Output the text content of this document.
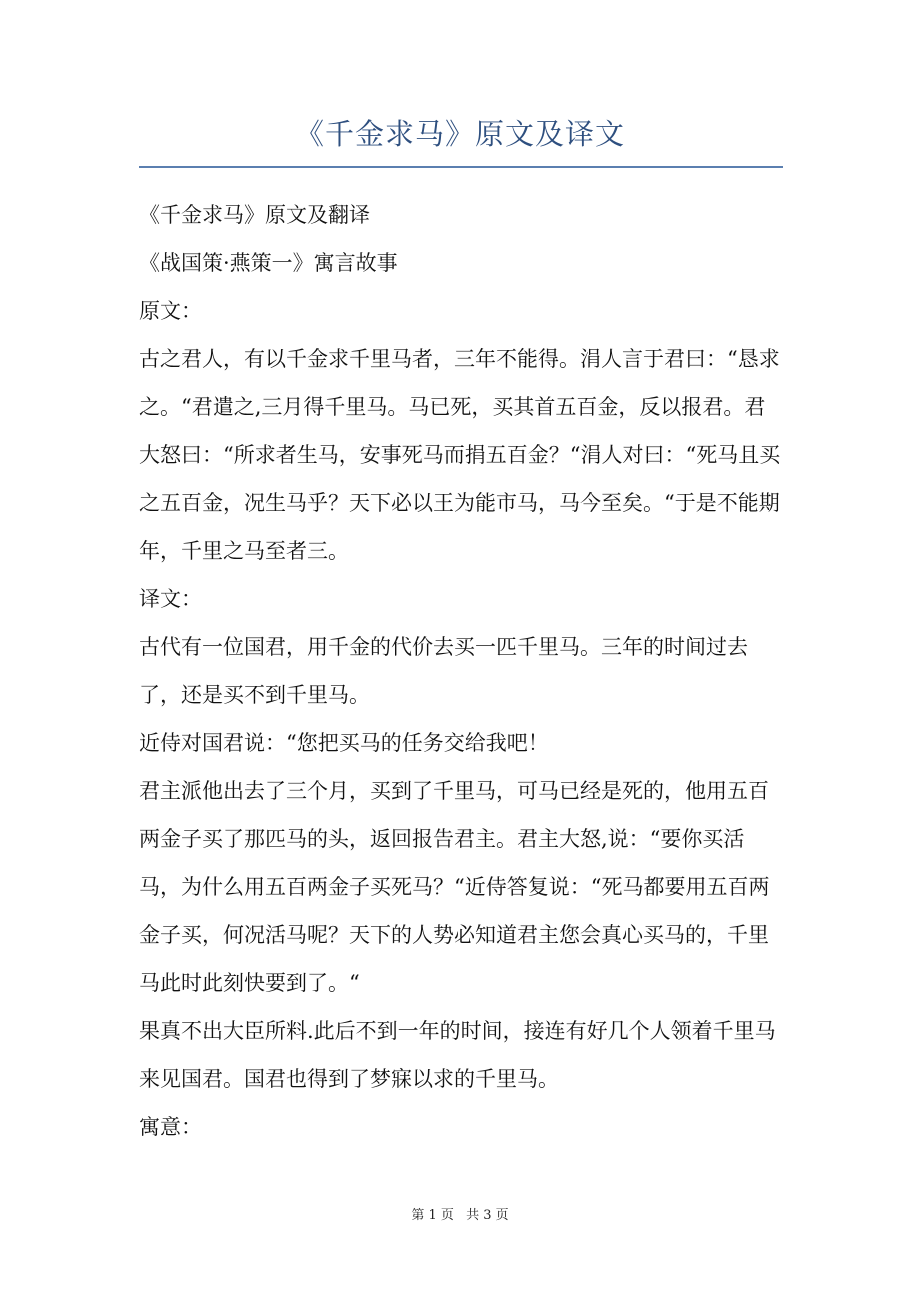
《千金求马》原文及译文

《千金求马》原文及翻译

《战国策·燕策一》寓言故事

原文：

古之君人，有以千金求千里马者，三年不能得。涓人言于君曰：“恳求之。“君遣之,三月得千里马。马已死，买其首五百金，反以报君。君大怒曰：“所求者生马，安事死马而捐五百金？“涓人对曰：“死马且买之五百金，况生马乎？天下必以王为能市马，马今至矣。“于是不能期年，千里之马至者三。

译文：

古代有一位国君，用千金的代价去买一匹千里马。三年的时间过去了，还是买不到千里马。

近侍对国君说：“您把买马的任务交给我吧！

君主派他出去了三个月，买到了千里马，可马已经是死的，他用五百两金子买了那匹马的头，返回报告君主。君主大怒,说：“要你买活马，为什么用五百两金子买死马？“近侍答复说：“死马都要用五百两金子买，何况活马呢？天下的人势必知道君主您会真心买马的，千里马此时此刻快要到了。“

果真不出大臣所料.此后不到一年的时间，接连有好几个人领着千里马来见国君。国君也得到了梦寐以求的千里马。

寓意：

第 1 页 共 3 页
